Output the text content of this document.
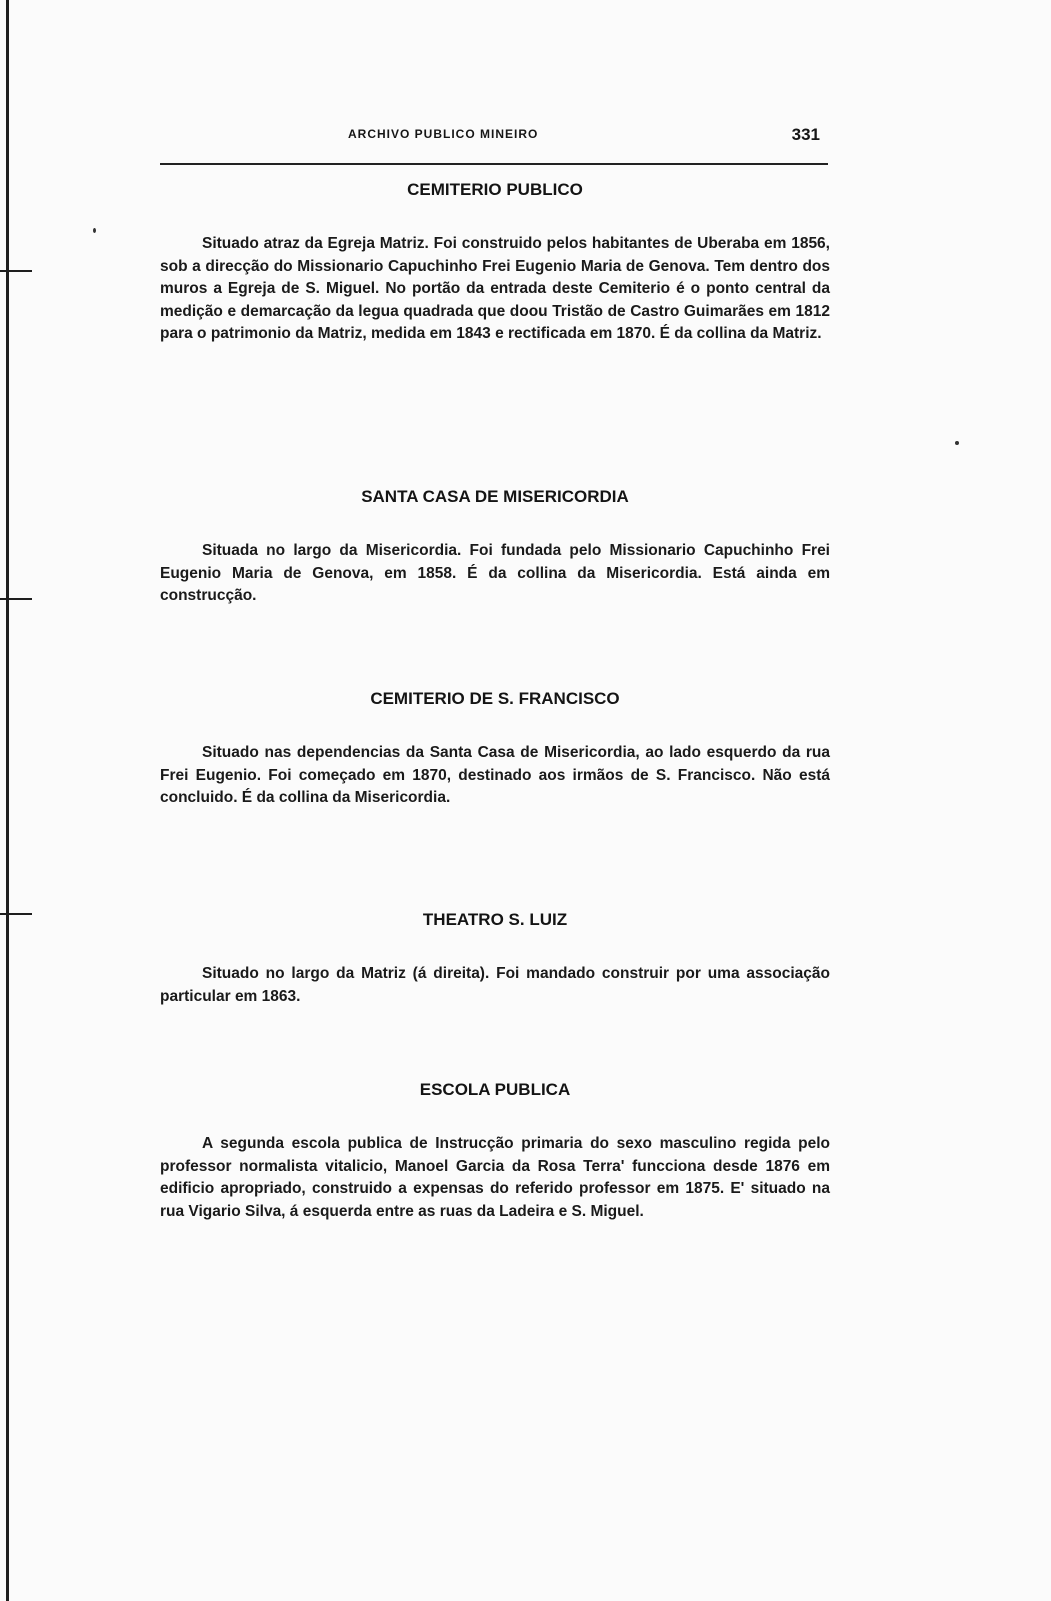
ARCHIVO PUBLICO MINEIRO	331
CEMITERIO PUBLICO

Situado atraz da Egreja Matriz. Foi construido pelos habitantes de Uberaba em 1856, sob a direcção do Missionario Capuchinho Frei Eugenio Maria de Genova. Tem dentro dos muros a Egreja de S. Miguel. No portão da entrada deste Cemiterio é o ponto central da medição e demarcação da legua quadrada que doou Tristão de Castro Guimarães em 1812 para o patrimonio da Matriz, medida em 1843 e rectificada em 1870. É da collina da Matriz.

SANTA CASA DE MISERICORDIA

Situada no largo da Misericordia. Foi fundada pelo Missionario Capuchinho Frei Eugenio Maria de Genova, em 1858. É da collina da Misericordia. Está ainda em construcção.

CEMITERIO DE S. FRANCISCO

Situado nas dependencias da Santa Casa de Misericordia, ao lado esquerdo da rua Frei Eugenio. Foi começado em 1870, destinado aos irmãos de S. Francisco. Não está concluido. É da collina da Misericordia.

THEATRO S. LUIZ

Situado no largo da Matriz (á direita). Foi mandado construir por uma associação particular em 1863.

ESCOLA PUBLICA

A segunda escola publica de Instrucção primaria do sexo masculino regida pelo professor normalista vitalicio, Manoel Garcia da Rosa Terra' funcciona desde 1876 em edificio apropriado, construido a expensas do referido professor em 1875. E' situado na rua Vigario Silva, á esquerda entre as ruas da Ladeira e S. Miguel.
